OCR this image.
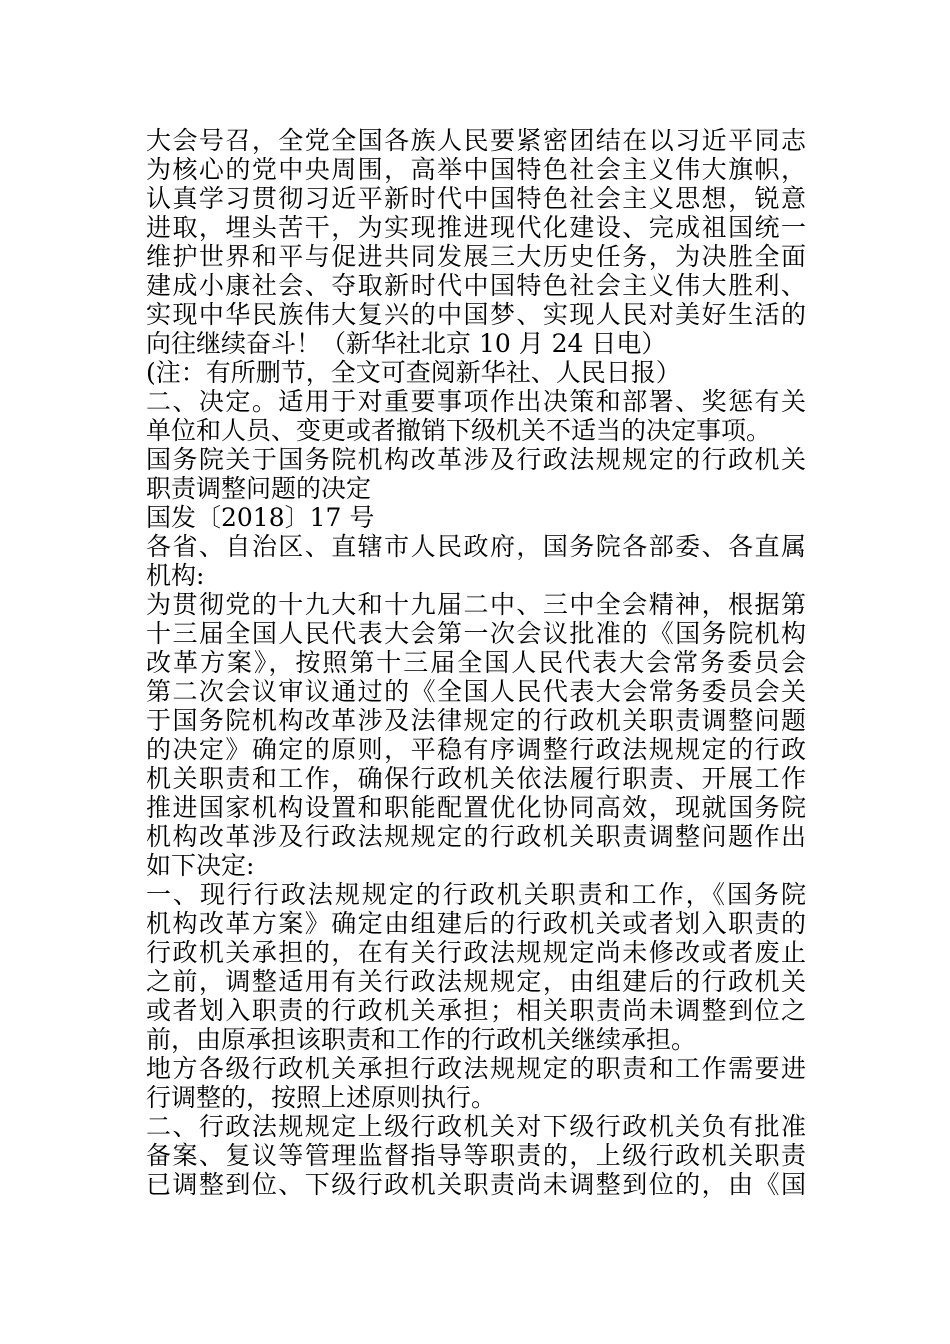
大会号召，全党全国各族人民要紧密团结在以习近平同志
为核心的党中央周围，高举中国特色社会主义伟大旗帜，
认真学习贯彻习近平新时代中国特色社会主义思想，锐意
进取，埋头苦干，为实现推进现代化建设、完成祖国统一
维护世界和平与促进共同发展三大历史任务，为决胜全面
建成小康社会、夺取新时代中国特色社会主义伟大胜利、
实现中华民族伟大复兴的中国梦、实现人民对美好生活的
向往继续奋斗！（新华社北京 10 月 24 日电）
(注：有所删节，全文可查阅新华社、人民日报）
二、决定。适用于对重要事项作出决策和部署、奖惩有关
单位和人员、变更或者撤销下级机关不适当的决定事项。
国务院关于国务院机构改革涉及行政法规规定的行政机关
职责调整问题的决定
国发〔2018〕17 号
各省、自治区、直辖市人民政府，国务院各部委、各直属
机构:
为贯彻党的十九大和十九届二中、三中全会精神，根据第
十三届全国人民代表大会第一次会议批准的《国务院机构
改革方案》，按照第十三届全国人民代表大会常务委员会
第二次会议审议通过的《全国人民代表大会常务委员会关
于国务院机构改革涉及法律规定的行政机关职责调整问题
的决定》确定的原则，平稳有序调整行政法规规定的行政
机关职责和工作，确保行政机关依法履行职责、开展工作
推进国家机构设置和职能配置优化协同高效，现就国务院
机构改革涉及行政法规规定的行政机关职责调整问题作出
如下决定:
一、现行行政法规规定的行政机关职责和工作，《国务院
机构改革方案》确定由组建后的行政机关或者划入职责的
行政机关承担的，在有关行政法规规定尚未修改或者废止
之前，调整适用有关行政法规规定，由组建后的行政机关
或者划入职责的行政机关承担；相关职责尚未调整到位之
前，由原承担该职责和工作的行政机关继续承担。
地方各级行政机关承担行政法规规定的职责和工作需要进
行调整的，按照上述原则执行。
二、行政法规规定上级行政机关对下级行政机关负有批准
备案、复议等管理监督指导等职责的，上级行政机关职责
已调整到位、下级行政机关职责尚未调整到位的，由《国
